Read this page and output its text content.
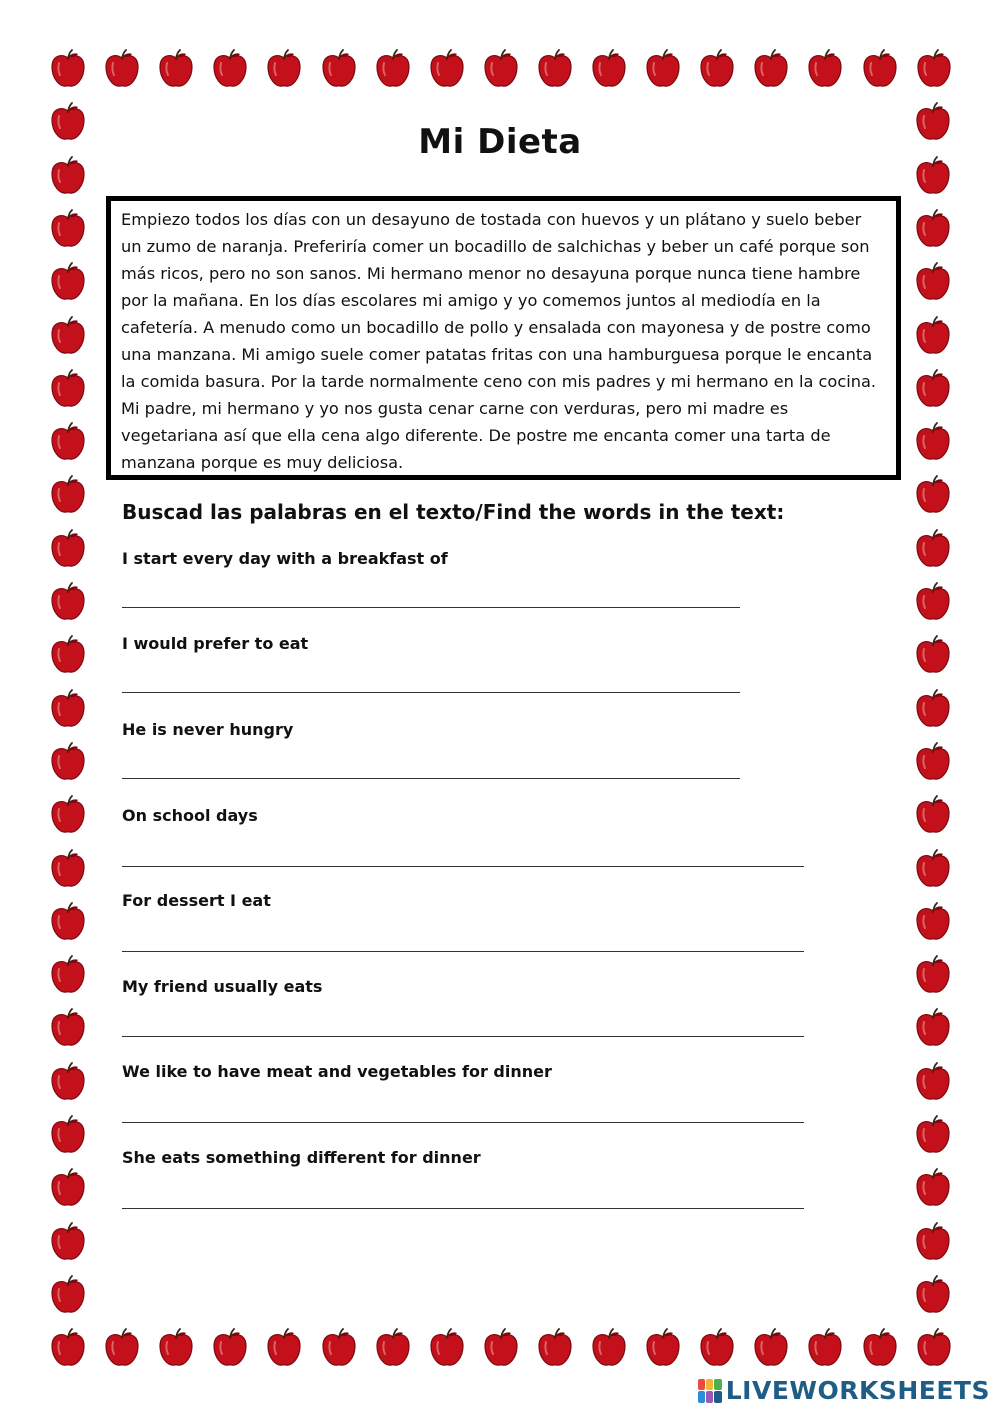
Mi Dieta

Empiezo todos los días con un desayuno de tostada con huevos y un plátano y suelo beber un zumo de naranja. Preferiría comer un bocadillo de salchichas y beber un café porque son más ricos, pero no son sanos. Mi hermano menor no desayuna porque nunca tiene hambre por la mañana. En los días escolares mi amigo y yo comemos juntos al mediodía en la cafetería. A menudo como un bocadillo de pollo y ensalada con mayonesa y de postre como una manzana. Mi amigo suele comer patatas fritas con una hamburguesa porque le encanta la comida basura. Por la tarde normalmente ceno con mis padres y mi hermano en la cocina. Mi padre, mi hermano y yo nos gusta cenar carne con verduras, pero mi madre es vegetariana así que ella cena algo diferente. De postre me encanta comer una tarta de manzana porque es muy deliciosa.

Buscad las palabras en el texto/Find the words in the text:
I start every day with a breakfast of
I would prefer to eat
He is never hungry
On school days
For dessert I eat
My friend usually eats
We like to have meat and vegetables for dinner
She eats something different for dinner
LIVEWORKSHEETS
